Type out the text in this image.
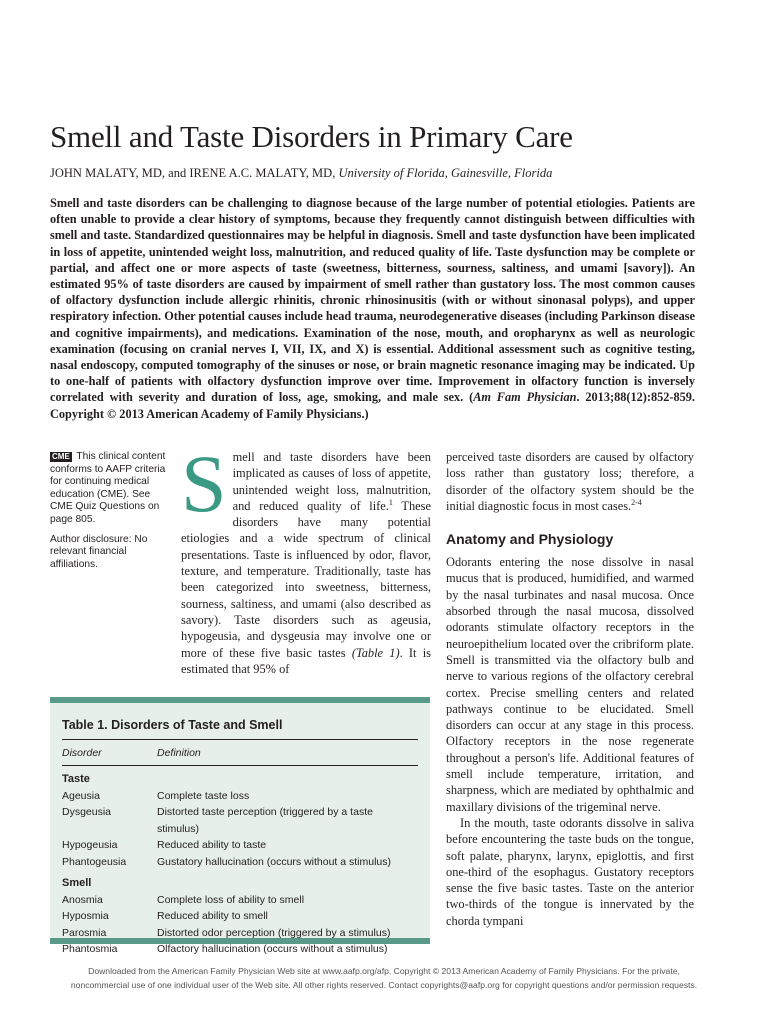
Smell and Taste Disorders in Primary Care
JOHN MALATY, MD, and IRENE A.C. MALATY, MD, University of Florida, Gainesville, Florida

Smell and taste disorders can be challenging to diagnose because of the large number of potential etiologies. Patients are often unable to provide a clear history of symptoms, because they frequently cannot distinguish between difficulties with smell and taste. Standardized questionnaires may be helpful in diagnosis. Smell and taste dysfunction have been implicated in loss of appetite, unintended weight loss, malnutrition, and reduced quality of life. Taste dysfunction may be complete or partial, and affect one or more aspects of taste (sweetness, bitterness, sourness, saltiness, and umami [savory]). An estimated 95% of taste disorders are caused by impairment of smell rather than gustatory loss. The most common causes of olfactory dysfunction include allergic rhinitis, chronic rhinosinusitis (with or without sinonasal polyps), and upper respiratory infection. Other potential causes include head trauma, neurodegenerative diseases (including Parkinson disease and cognitive impairments), and medications. Examination of the nose, mouth, and oropharynx as well as neurologic examination (focusing on cranial nerves I, VII, IX, and X) is essential. Additional assessment such as cognitive testing, nasal endoscopy, computed tomography of the sinuses or nose, or brain magnetic resonance imaging may be indicated. Up to one-half of patients with olfactory dysfunction improve over time. Improvement in olfactory function is inversely correlated with severity and duration of loss, age, smoking, and male sex. (Am Fam Physician. 2013;88(12):852-859. Copyright © 2013 American Academy of Family Physicians.)

CME This clinical content conforms to AAFP criteria for continuing medical education (CME). See CME Quiz Questions on page 805.

Author disclosure: No relevant financial affiliations.

Smell and taste disorders have been implicated as causes of loss of appetite, unintended weight loss, malnutrition, and reduced quality of life.$^1$ These disorders have many potential etiologies and a wide spectrum of clinical presentations. Taste is influenced by odor, flavor, texture, and temperature. Traditionally, taste has been categorized into sweetness, bitterness, sourness, saltiness, and umami (also described as savory). Taste disorders such as ageusia, hypogeusia, and dysgeusia may involve one or more of these five basic tastes (Table 1). It is estimated that 95% of

perceived taste disorders are caused by olfactory loss rather than gustatory loss; therefore, a disorder of the olfactory system should be the initial diagnostic focus in most cases.$^{2-4}$

Anatomy and Physiology

Odorants entering the nose dissolve in nasal mucus that is produced, humidified, and warmed by the nasal turbinates and nasal mucosa. Once absorbed through the nasal mucosa, dissolved odorants stimulate olfactory receptors in the neuroepithelium located over the cribriform plate. Smell is transmitted via the olfactory bulb and nerve to various regions of the olfactory cerebral cortex. Precise smelling centers and related pathways continue to be elucidated. Smell disorders can occur at any stage in this process. Olfactory receptors in the nose regenerate throughout a person's life. Additional features of smell include temperature, irritation, and sharpness, which are mediated by ophthalmic and maxillary divisions of the trigeminal nerve.

In the mouth, taste odorants dissolve in saliva before encountering the taste buds on the tongue, soft palate, pharynx, larynx, epiglottis, and first one-third of the esophagus. Gustatory receptors sense the five basic tastes. Taste on the anterior two-thirds of the tongue is innervated by the chorda tympani

Table 1. Disorders of Taste and Smell
Disorder	Definition
Taste
Ageusia	Complete taste loss
Dysgeusia	Distorted taste perception (triggered by a taste stimulus)
Hypogeusia	Reduced ability to taste
Phantogeusia	Gustatory hallucination (occurs without a stimulus)
Smell
Anosmia	Complete loss of ability to smell
Hyposmia	Reduced ability to smell
Parosmia	Distorted odor perception (triggered by a stimulus)
Phantosmia	Olfactory hallucination (occurs without a stimulus)
Downloaded from the American Family Physician Web site at www.aafp.org/afp. Copyright © 2013 American Academy of Family Physicians. For the private,
noncommercial use of one individual user of the Web site. All other rights reserved. Contact copyrights@aafp.org for copyright questions and/or permission requests.
